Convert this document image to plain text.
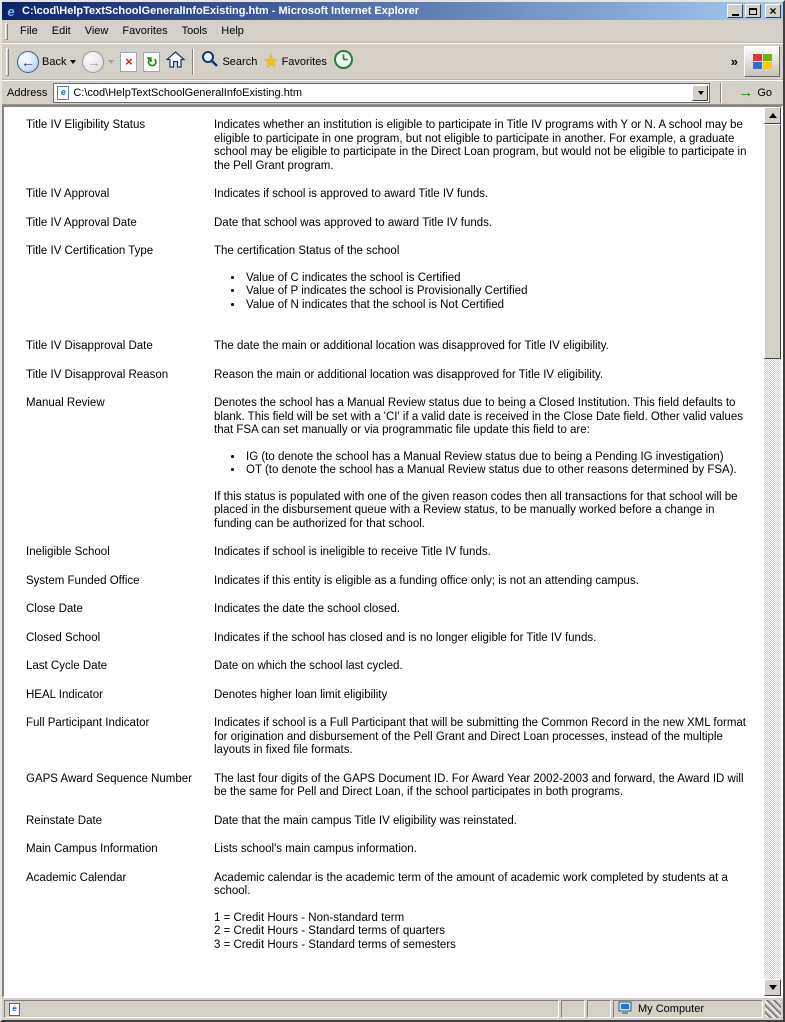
e C:\cod\HelpTextSchoolGeneralInfoExisting.htm - Microsoft Internet Explorer	×
File	Edit	View	Favorites	Tools	Help
← Back →	× ↻	Search ★ Favorites	»
Address e C:\cod\HelpTextSchoolGeneralInfoExisting.htm	→ Go
Title IV Eligibility Status	Indicates whether an institution is eligible to participate in Title IV programs with Y or N. A school may be eligible to participate in one program, but not eligible to participate in another. For example, a graduate school may be eligible to participate in the Direct Loan program, but would not be eligible to participate in the Pell Grant program.
Title IV Approval	Indicates if school is approved to award Title IV funds.
Title IV Approval Date	Date that school was approved to award Title IV funds.
Title IV Certification Type	The certification Status of the school
• Value of C indicates the school is Certified
• Value of P indicates the school is Provisionally Certified
• Value of N indicates that the school is Not Certified
Title IV Disapproval Date	The date the main or additional location was disapproved for Title IV eligibility.
Title IV Disapproval Reason	Reason the main or additional location was disapproved for Title IV eligibility.
Manual Review	Denotes the school has a Manual Review status due to being a Closed Institution. This field defaults to blank. This field will be set with a 'CI' if a valid date is received in the Close Date field. Other valid values that FSA can set manually or via programmatic file update this field to are:
• IG (to denote the school has a Manual Review status due to being a Pending IG investigation)
• OT (to denote the school has a Manual Review status due to other reasons determined by FSA).
If this status is populated with one of the given reason codes then all transactions for that school will be placed in the disbursement queue with a Review status, to be manually worked before a change in funding can be authorized for that school.
Ineligible School	Indicates if school is ineligible to receive Title IV funds.
System Funded Office	Indicates if this entity is eligible as a funding office only; is not an attending campus.
Close Date	Indicates the date the school closed.
Closed School	Indicates if the school has closed and is no longer eligible for Title IV funds.
Last Cycle Date	Date on which the school last cycled.
HEAL Indicator	Denotes higher loan limit eligibility
Full Participant Indicator	Indicates if school is a Full Participant that will be submitting the Common Record in the new XML format for origination and disbursement of the Pell Grant and Direct Loan processes, instead of the multiple layouts in fixed file formats.
GAPS Award Sequence Number	The last four digits of the GAPS Document ID. For Award Year 2002-2003 and forward, the Award ID will be the same for Pell and Direct Loan, if the school participates in both programs.
Reinstate Date	Date that the main campus Title IV eligibility was reinstated.
Main Campus Information	Lists school's main campus information.
Academic Calendar	Academic calendar is the academic term of the amount of academic work completed by students at a school.
1 = Credit Hours - Non-standard term
2 = Credit Hours - Standard terms of quarters
3 = Credit Hours - Standard terms of semesters
e	My Computer
